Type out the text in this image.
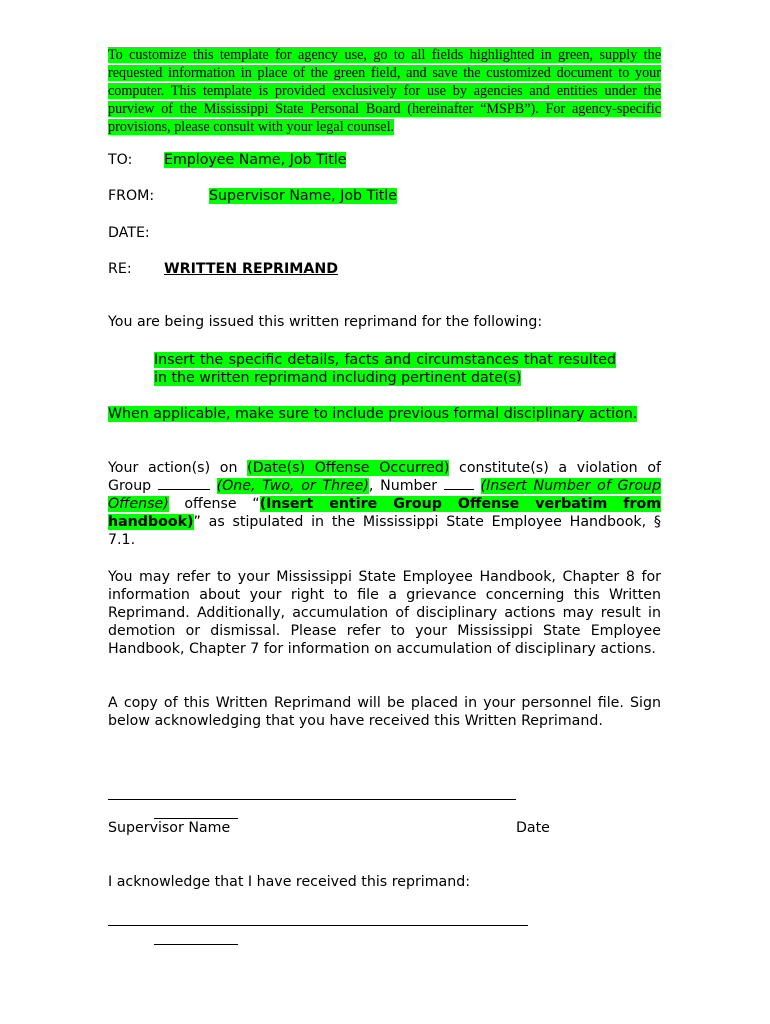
To customize this template for agency use, go to all fields highlighted in green, supply the requested information in place of the green field, and save the customized document to your computer. This template is provided exclusively for use by agencies and entities under the purview of the Mississippi State Personal Board (hereinafter “MSPB”). For agency-specific provisions, please consult with your legal counsel.
TO: Employee Name, Job Title
FROM:	Supervisor Name, Job Title
DATE:
RE: WRITTEN REPRIMAND
You are being issued this written reprimand for the following:
Insert the specific details, facts and circumstances that resulted in the written reprimand including pertinent date(s)
When applicable, make sure to include previous formal disciplinary action.
Your action(s) on (Date(s) Offense Occurred) constitute(s) a violation of Group	(One, Two, or Three), Number	(Insert Number of Group Offense) offense “(Insert entire Group Offense verbatim from handbook)” as stipulated in the Mississippi State Employee Handbook, § 7.1.
You may refer to your Mississippi State Employee Handbook, Chapter 8 for information about your right to file a grievance concerning this Written Reprimand. Additionally, accumulation of disciplinary actions may result in demotion or dismissal. Please refer to your Mississippi State Employee Handbook, Chapter 7 for information on accumulation of disciplinary actions.
A copy of this Written Reprimand will be placed in your personnel file. Sign below acknowledging that you have received this Written Reprimand.
Supervisor Name	Date
I acknowledge that I have received this reprimand:
